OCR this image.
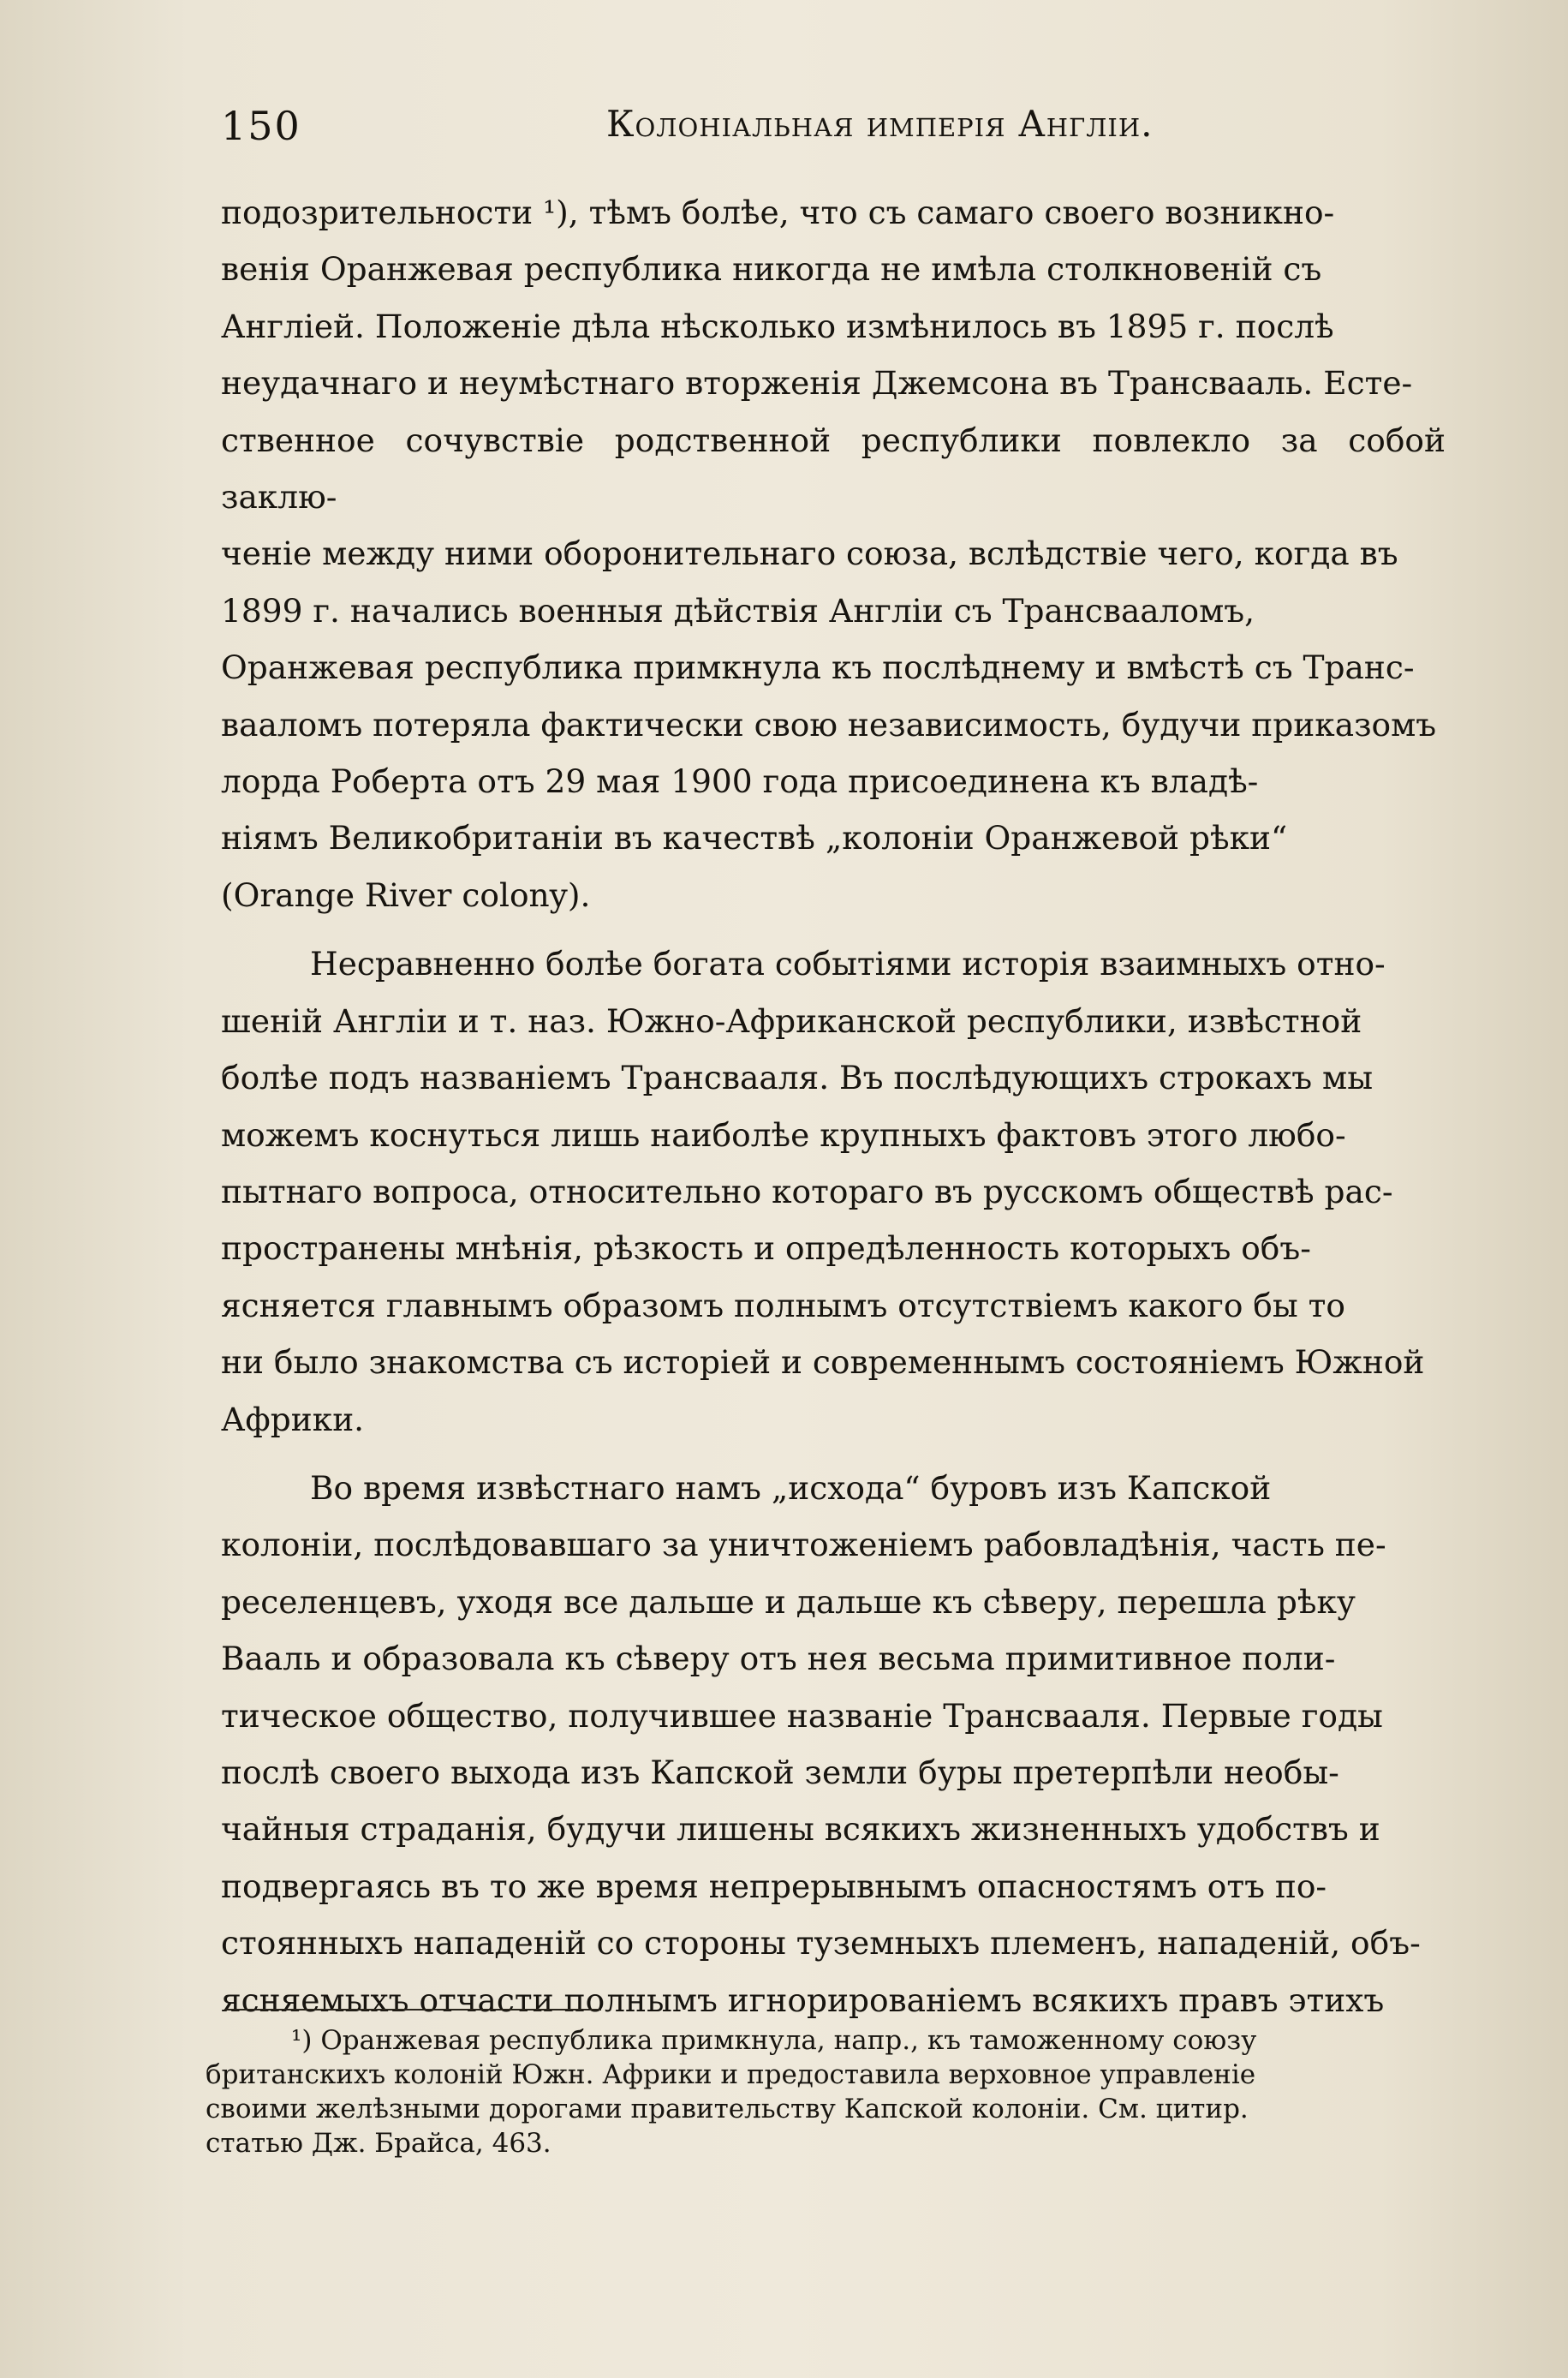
150	Колоніальная имперія Англіи.

подозрительности ¹), тѣмъ болѣе, что съ самаго своего возникно-
венія Оранжевая республика никогда не имѣла столкновеній съ
Англіей. Положеніе дѣла нѣсколько измѣнилось въ 1895 г. послѣ
неудачнаго и неумѣстнаго вторженія Джемсона въ Трансвааль. Есте-
ственное сочувствіе родственной республики повлекло за собой заклю-
ченіе между ними оборонительнаго союза, вслѣдствіе чего, когда въ
1899 г. начались военныя дѣйствія Англіи съ Трансвааломъ,
Оранжевая республика примкнула къ послѣднему и вмѣстѣ съ Транс-
вааломъ потеряла фактически свою независимость, будучи приказомъ
лорда Роберта отъ 29 мая 1900 года присоединена къ владѣ-
ніямъ Великобританіи въ качествѣ „колоніи Оранжевой рѣки“
(Orange River colony).

Несравненно болѣе богата событіями исторія взаимныхъ отно-
шеній Англіи и т. наз. Южно-Африканской республики, извѣстной
болѣе подъ названіемъ Трансвааля. Въ послѣдующихъ строкахъ мы
можемъ коснуться лишь наиболѣе крупныхъ фактовъ этого любо-
пытнаго вопроса, относительно котораго въ русскомъ обществѣ рас-
пространены мнѣнія, рѣзкость и опредѣленность которыхъ объ-
ясняется главнымъ образомъ полнымъ отсутствіемъ какого бы то
ни было знакомства съ исторіей и современнымъ состояніемъ Южной
Африки.

Во время извѣстнаго намъ „исхода“ буровъ изъ Капской
колоніи, послѣдовавшаго за уничтоженіемъ рабовладѣнія, часть пе-
реселенцевъ, уходя все дальше и дальше къ сѣверу, перешла рѣку
Вааль и образовала къ сѣверу отъ нея весьма примитивное поли-
тическое общество, получившее названіе Трансвааля. Первые годы
послѣ своего выхода изъ Капской земли буры претерпѣли необы-
чайныя страданія, будучи лишены всякихъ жизненныхъ удобствъ и
подвергаясь въ то же время непрерывнымъ опасностямъ отъ по-
стоянныхъ нападеній со стороны туземныхъ племенъ, нападеній, объ-
ясняемыхъ отчасти полнымъ игнорированіемъ всякихъ правъ этихъ

¹) Оранжевая республика примкнула, напр., къ таможенному союзу
британскихъ колоній Южн. Африки и предоставила верховное управленіе
своими желѣзными дорогами правительству Капской колоніи. См. цитир.
статью Дж. Брайса, 463.
